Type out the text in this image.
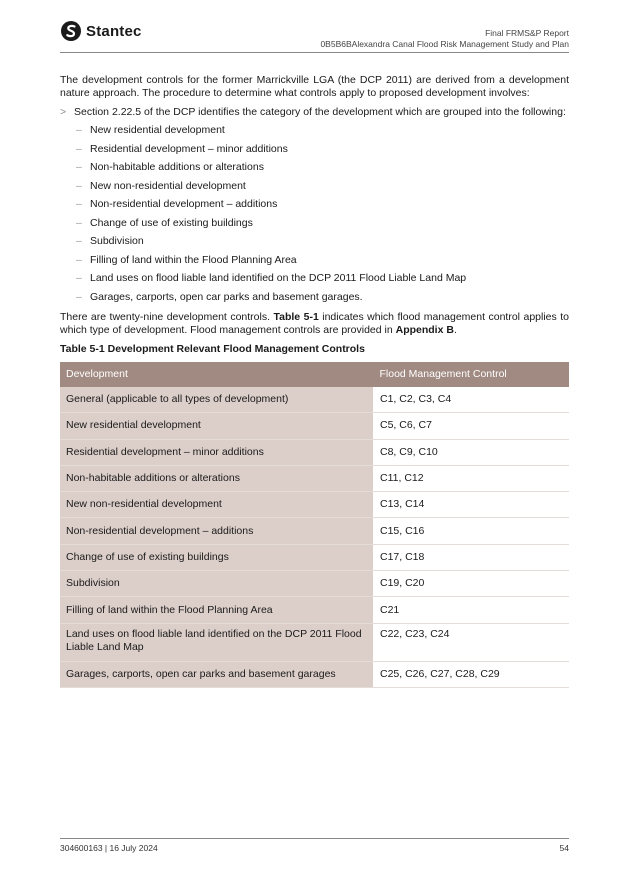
Stantec	Final FRMS&P Report
0B5B6BAlexandra Canal Flood Risk Management Study and Plan

The development controls for the former Marrickville LGA (the DCP 2011) are derived from a development nature approach. The procedure to determine what controls apply to proposed development involves:

> Section 2.22.5 of the DCP identifies the category of the development which are grouped into the following:
– New residential development
– Residential development – minor additions
– Non-habitable additions or alterations
– New non-residential development
– Non-residential development – additions
– Change of use of existing buildings
– Subdivision
– Filling of land within the Flood Planning Area
– Land uses on flood liable land identified on the DCP 2011 Flood Liable Land Map
– Garages, carports, open car parks and basement garages.

There are twenty-nine development controls. Table 5-1 indicates which flood management control applies to which type of development. Flood management controls are provided in Appendix B.

Table 5-1 Development Relevant Flood Management Controls
Development	Flood Management Control
General (applicable to all types of development)	C1, C2, C3, C4
New residential development	C5, C6, C7
Residential development – minor additions	C8, C9, C10
Non-habitable additions or alterations	C11, C12
New non-residential development	C13, C14
Non-residential development – additions	C15, C16
Change of use of existing buildings	C17, C18
Subdivision	C19, C20
Filling of land within the Flood Planning Area	C21
Land uses on flood liable land identified on the DCP 2011 Flood Liable Land Map	C22, C23, C24
Garages, carports, open car parks and basement garages	C25, C26, C27, C28, C29
304600163 | 16 July 2024	54
